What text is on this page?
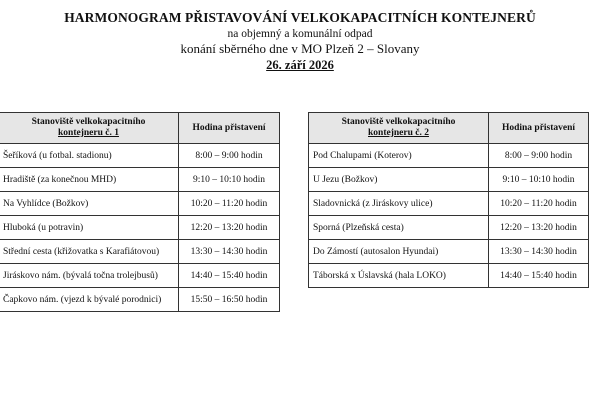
HARMONOGRAM PŘISTAVOVÁNÍ VELKOKAPACITNÍCH KONTEJNERŮ
na objemný a komunální odpad
konání sběrného dne v MO Plzeň 2 – Slovany
26. září 2026
Stanoviště velkokapacitního
kontejneru č. 1	Hodina přistavení
Šeříková (u fotbal. stadionu)	8:00 – 9:00 hodin
Hradiště (za konečnou MHD)	9:10 – 10:10 hodin
Na Vyhlídce (Božkov)	10:20 – 11:20 hodin
Hluboká (u potravin)	12:20 – 13:20 hodin
Střední cesta (křižovatka s Karafiátovou)	13:30 – 14:30 hodin
Jiráskovo nám. (bývalá točna trolejbusů)	14:40 – 15:40 hodin
Čapkovo nám. (vjezd k bývalé porodnici)	15:50 – 16:50 hodin
Stanoviště velkokapacitního
kontejneru č. 2	Hodina přistavení
Pod Chalupami (Koterov)	8:00 – 9:00 hodin
U Jezu (Božkov)	9:10 – 10:10 hodin
Sladovnická (z Jiráskovy ulice)	10:20 – 11:20 hodin
Sporná (Plzeňská cesta)	12:20 – 13:20 hodin
Do Zámostí (autosalon Hyundai)	13:30 – 14:30 hodin
Táborská x Úslavská (hala LOKO)	14:40 – 15:40 hodin
